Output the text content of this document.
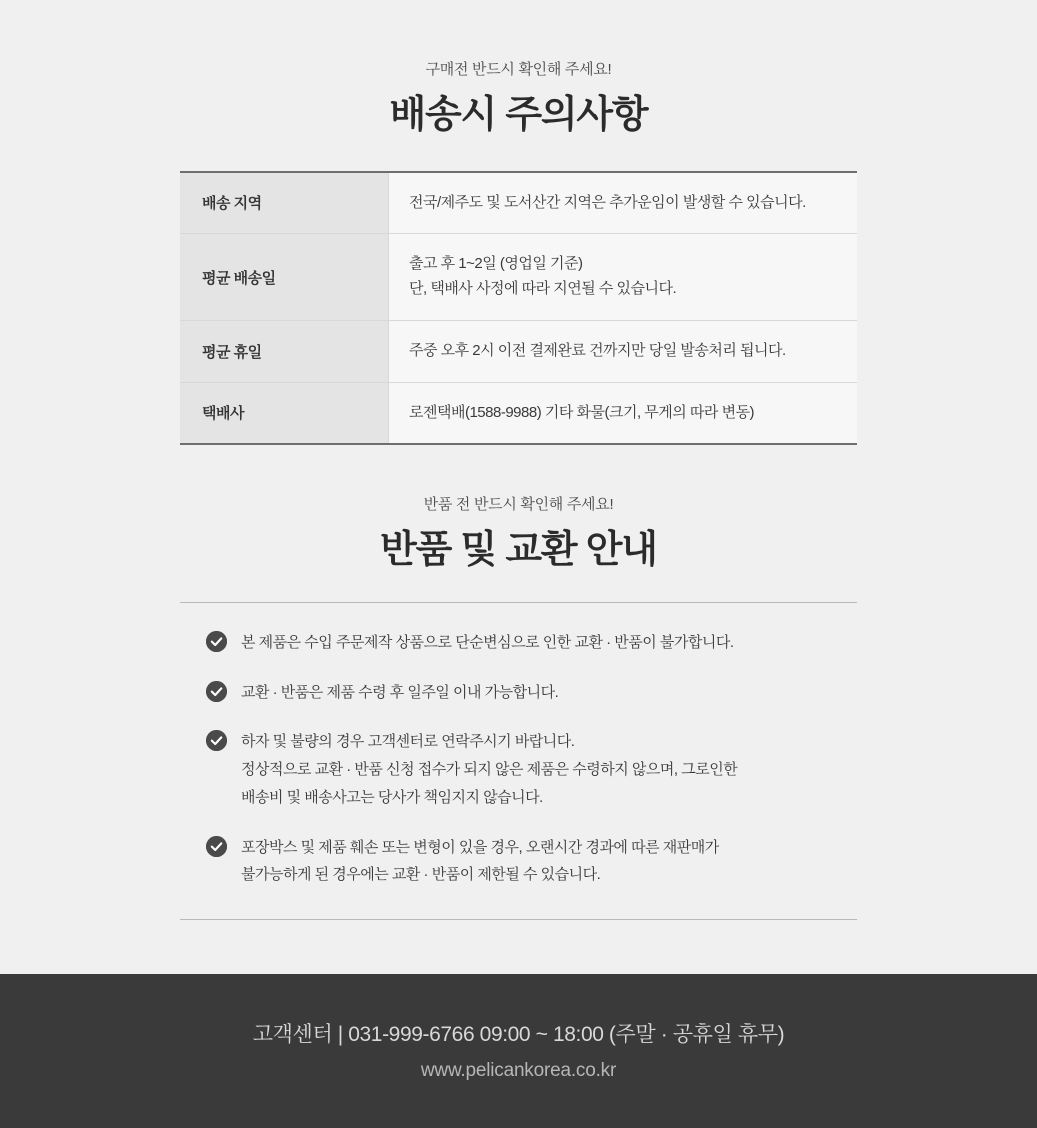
구매전 반드시 확인해 주세요!
배송시 주의사항
배송 지역	전국/제주도 및 도서산간 지역은 추가운임이 발생할 수 있습니다.

평균 배송일	출고 후 1~2일 (영업일 기준)
단, 택배사 사정에 따라 지연될 수 있습니다.

평균 휴일	주중 오후 2시 이전 결제완료 건까지만 당일 발송처리 됩니다.

택배사	로젠택배(1588-9988) 기타 화물(크기, 무게의 따라 변동)
반품 전 반드시 확인해 주세요!
반품 및 교환 안내
본 제품은 수입 주문제작 상품으로 단순변심으로 인한 교환 · 반품이 불가합니다.
교환 · 반품은 제품 수령 후 일주일 이내 가능합니다.
하자 및 불량의 경우 고객센터로 연락주시기 바랍니다.
정상적으로 교환 · 반품 신청 접수가 되지 않은 제품은 수령하지 않으며, 그로인한
배송비 및 배송사고는 당사가 책임지지 않습니다.
포장박스 및 제품 훼손 또는 변형이 있을 경우, 오랜시간 경과에 따른 재판매가
불가능하게 된 경우에는 교환 · 반품이 제한될 수 있습니다.
고객센터 | 031-999-6766 09:00 ~ 18:00 (주말 · 공휴일 휴무)
www.pelicankorea.co.kr
